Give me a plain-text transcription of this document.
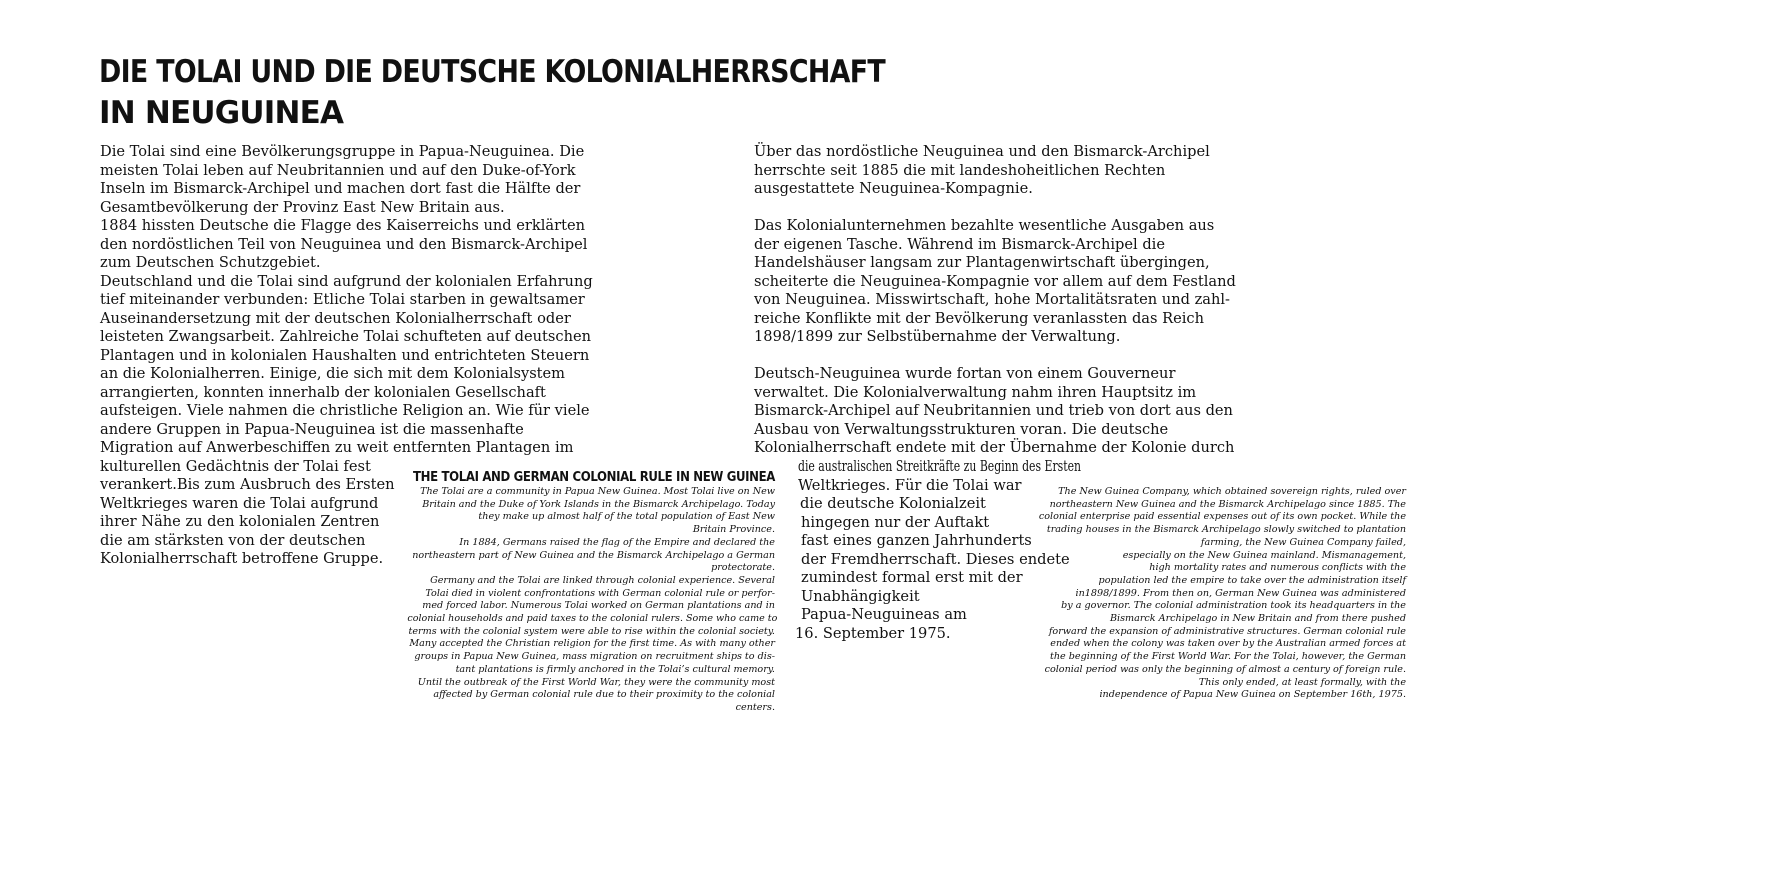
DIE TOLAI UND DIE DEUTSCHE KOLONIALHERRSCHAFT
IN NEUGUINEA

Die Tolai sind eine Bevölkerungsgruppe in Papua-Neuguinea. Die

meisten Tolai leben auf Neubritannien und auf den Duke-of-York

Inseln im Bismarck-Archipel und machen dort fast die Hälfte der

Gesamtbevölkerung der Provinz East New Britain aus.

1884 hissten Deutsche die Flagge des Kaiserreichs und erklärten

den nordöstlichen Teil von Neuguinea und den Bismarck-Archipel

zum Deutschen Schutzgebiet.

Deutschland und die Tolai sind aufgrund der kolonialen Erfahrung

tief miteinander verbunden: Etliche Tolai starben in gewaltsamer

Auseinandersetzung mit der deutschen Kolonialherrschaft oder

leisteten Zwangsarbeit. Zahlreiche Tolai schufteten auf deutschen

Plantagen und in kolonialen Haushalten und entrichteten Steuern

an die Kolonialherren. Einige, die sich mit dem Kolonialsystem

arrangierten, konnten innerhalb der kolonialen Gesellschaft

aufsteigen. Viele nahmen die christliche Religion an. Wie für viele

andere Gruppen in Papua-Neuguinea ist die massenhafte

Migration auf Anwerbeschiffen zu weit entfernten Plantagen im

kulturellen Gedächtnis der Tolai fest

verankert.Bis zum Ausbruch des Ersten

Weltkrieges waren die Tolai aufgrund

ihrer Nähe zu den kolonialen Zentren

die am stärksten von der deutschen

Kolonialherrschaft betroffene Gruppe.

Über das nordöstliche Neuguinea und den Bismarck-Archipel

herrschte seit 1885 die mit landeshoheitlichen Rechten

ausgestattete Neuguinea-Kompagnie.

Das Kolonialunternehmen bezahlte wesentliche Ausgaben aus

der eigenen Tasche. Während im Bismarck-Archipel die

Handelshäuser langsam zur Plantagenwirtschaft übergingen,

scheiterte die Neuguinea-Kompagnie vor allem auf dem Festland

von Neuguinea. Misswirtschaft, hohe Mortalitätsraten und zahl-

reiche Konflikte mit der Bevölkerung veranlassten das Reich

1898/1899 zur Selbstübernahme der Verwaltung.

Deutsch-Neuguinea wurde fortan von einem Gouverneur

verwaltet. Die Kolonialverwaltung nahm ihren Hauptsitz im

Bismarck-Archipel auf Neubritannien und trieb von dort aus den

Ausbau von Verwaltungsstrukturen voran. Die deutsche

Kolonialherrschaft endete mit der Übernahme der Kolonie durch

die australischen Streitkräfte zu Beginn des Ersten

Weltkrieges. Für die Tolai war

die deutsche Kolonialzeit

hingegen nur der Auftakt

fast eines ganzen Jahrhunderts

der Fremdherrschaft. Dieses endete

zumindest formal erst mit der

Unabhängigkeit

Papua-Neuguineas am

16. September 1975.

THE TOLAI AND GERMAN COLONIAL RULE IN NEW GUINEA

The Tolai are a community in Papua New Guinea. Most Tolai live on New

Britain and the Duke of York Islands in the Bismarck Archipelago. Today

they make up almost half of the total population of East New

Britain Province.

In 1884, Germans raised the flag of the Empire and declared the

northeastern part of New Guinea and the Bismarck Archipelago a German

protectorate.

Germany and the Tolai are linked through colonial experience. Several

Tolai died in violent confrontations with German colonial rule or perfor-

med forced labor. Numerous Tolai worked on German plantations and in

colonial households and paid taxes to the colonial rulers. Some who came to

terms with the colonial system were able to rise within the colonial society.

Many accepted the Christian religion for the first time. As with many other

groups in Papua New Guinea, mass migration on recruitment ships to dis-

tant plantations is firmly anchored in the Tolai’s cultural memory.

Until the outbreak of the First World War, they were the community most

affected by German colonial rule due to their proximity to the colonial

centers.

The New Guinea Company, which obtained sovereign rights, ruled over

northeastern New Guinea and the Bismarck Archipelago since 1885. The

colonial enterprise paid essential expenses out of its own pocket. While the

trading houses in the Bismarck Archipelago slowly switched to plantation

farming, the New Guinea Company failed,

especially on the New Guinea mainland. Mismanagement,

high mortality rates and numerous conflicts with the

population led the empire to take over the administration itself

in1898/1899. From then on, German New Guinea was administered

by a governor. The colonial administration took its headquarters in the

Bismarck Archipelago in New Britain and from there pushed

forward the expansion of administrative structures. German colonial rule

ended when the colony was taken over by the Australian armed forces at

the beginning of the First World War. For the Tolai, however, the German

colonial period was only the beginning of almost a century of foreign rule.

This only ended, at least formally, with the

independence of Papua New Guinea on September 16th, 1975.
